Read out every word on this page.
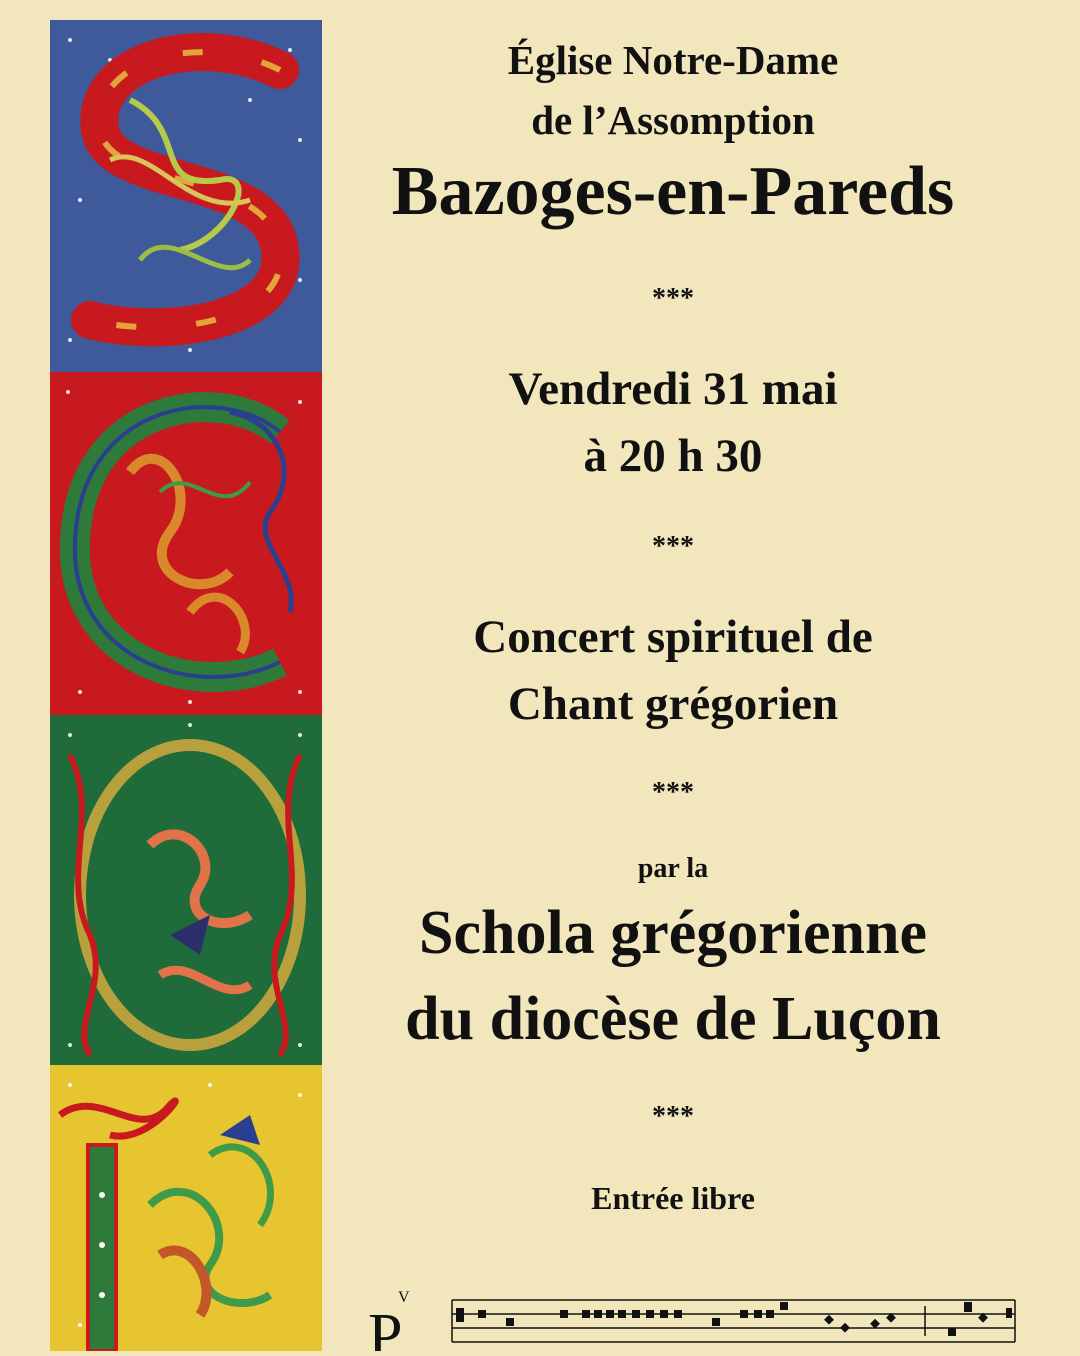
Église Notre-Dame
de l’Assomption
Bazoges-en-Pareds
***
Vendredi 31 mai
à 20 h 30
***
Concert spirituel de
Chant grégorien
***
par la
Schola grégorienne
du diocèse de Luçon
***
Entrée libre
V
P
